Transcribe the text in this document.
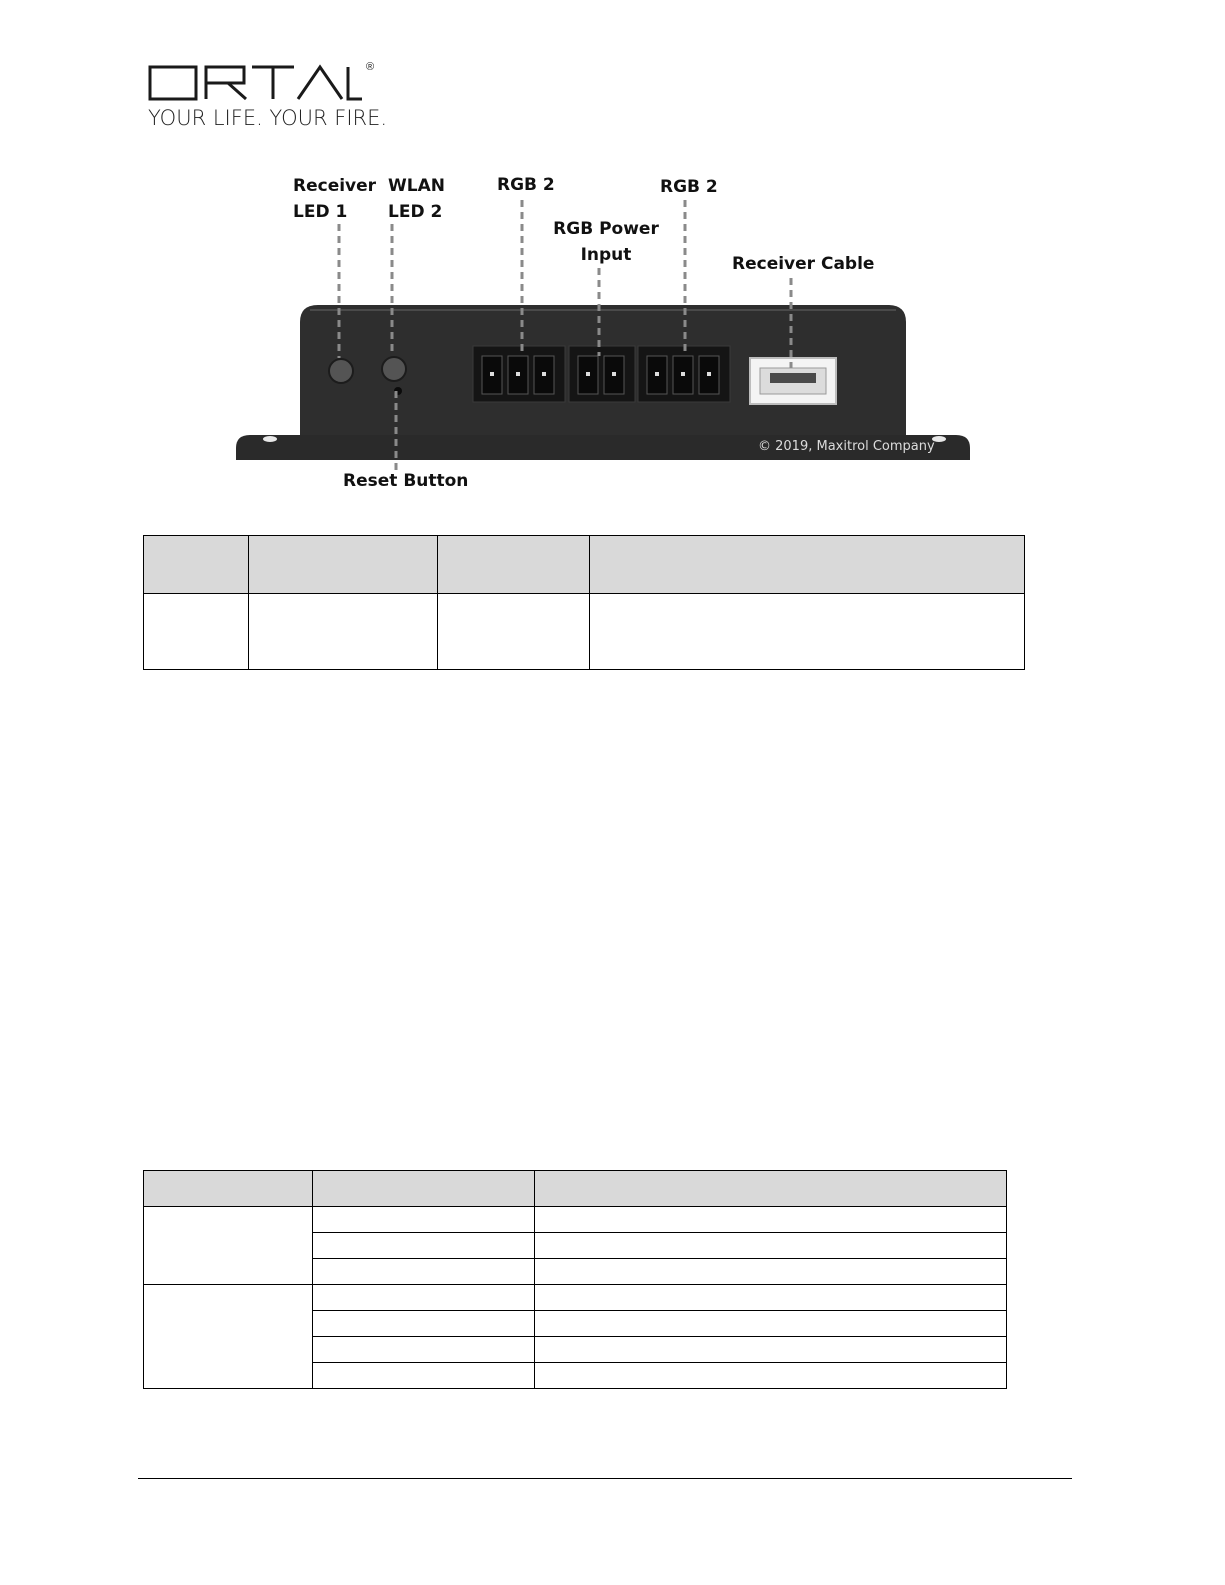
®
YOUR LIFE. YOUR FIRE.
Receiver
LED 1
WLAN
LED 2
RGB 2
RGB Power
Input
RGB 2
Receiver Cable
Reset Button
© 2019, Maxitrol Company
